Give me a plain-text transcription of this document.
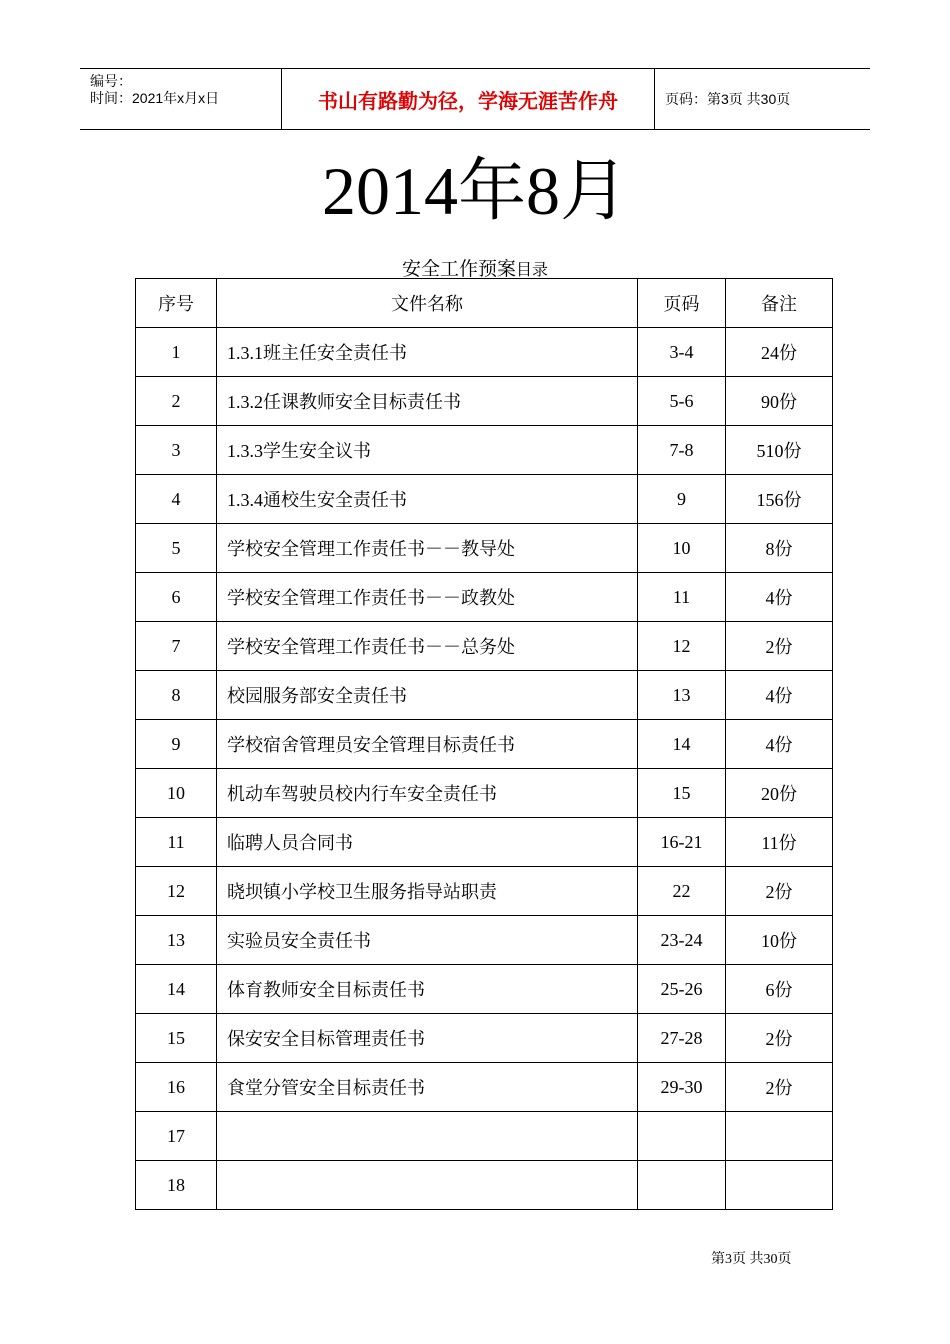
编号：
时间：2021年x月x日	书山有路勤为径，学海无涯苦作舟	页码：第3页 共30页
2014年8月
安全工作预案目录
序号	文件名称	页码	备注
1	1.3.1班主任安全责任书	3-4	24份
2	1.3.2任课教师安全目标责任书	5-6	90份
3	1.3.3学生安全议书	7-8	510份
4	1.3.4通校生安全责任书	9	156份
5	学校安全管理工作责任书－－教导处	10	8份
6	学校安全管理工作责任书－－政教处	11	4份
7	学校安全管理工作责任书－－总务处	12	2份
8	校园服务部安全责任书	13	4份
9	学校宿舍管理员安全管理目标责任书	14	4份
10	机动车驾驶员校内行车安全责任书	15	20份
11	临聘人员合同书	16-21	11份
12	晓坝镇小学校卫生服务指导站职责	22	2份
13	实验员安全责任书	23-24	10份
14	体育教师安全目标责任书	25-26	6份
15	保安安全目标管理责任书	27-28	2份
16	食堂分管安全目标责任书	29-30	2份
17			
18			
第3页 共30页
